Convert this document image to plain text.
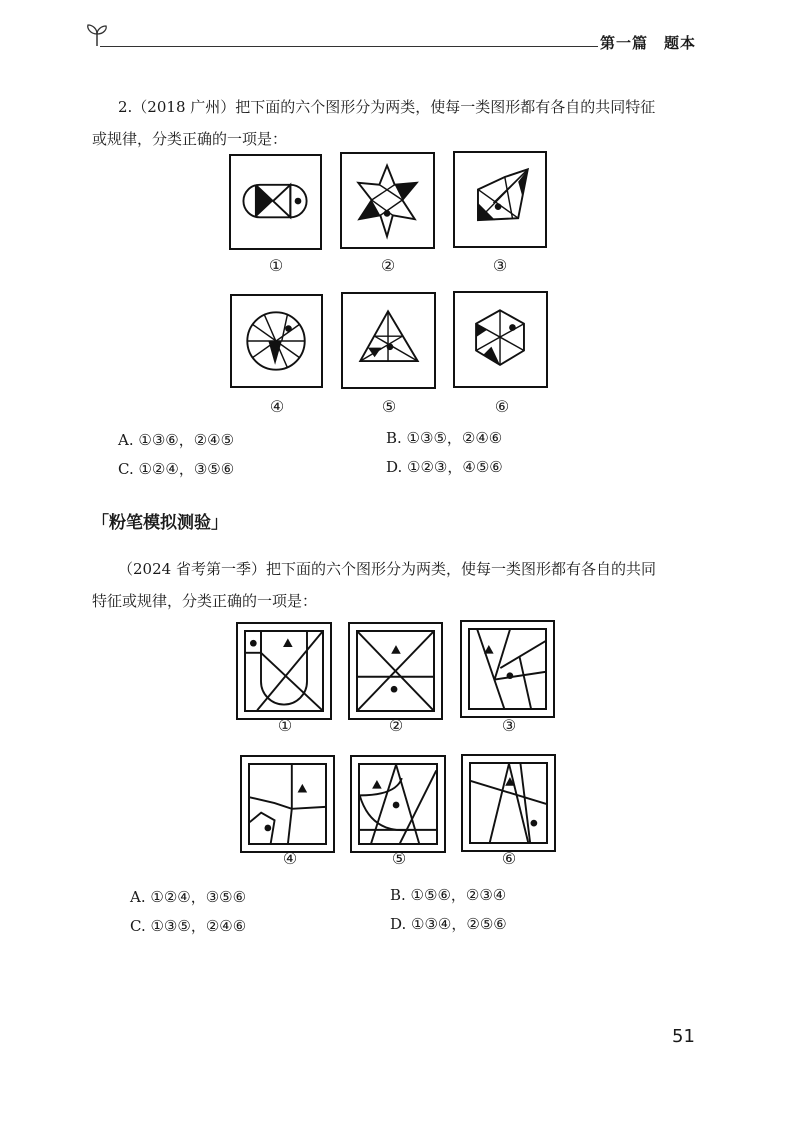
第一篇　题本
2.（2018 广州）把下面的六个图形分为两类，使每一类图形都有各自的共同特征
或规律，分类正确的一项是：
①	②	③
④	⑤	⑥
A. ①③⑥，②④⑤	B. ①③⑤，②④⑥
C. ①②④，③⑤⑥	D. ①②③，④⑤⑥
「粉笔模拟测验」
（2024 省考第一季）把下面的六个图形分为两类，使每一类图形都有各自的共同
特征或规律，分类正确的一项是：
①	②	③
④	⑤	⑥
A. ①②④，③⑤⑥	B. ①⑤⑥，②③④
C. ①③⑤，②④⑥	D. ①③④，②⑤⑥
51
